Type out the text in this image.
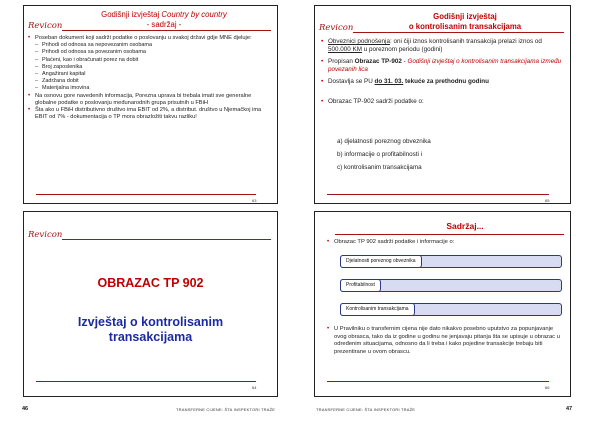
Godišnji izvještaj Country by country
- sadržaj -
Revicon
• Poseban dokument koji sadrži podatke o poslovanju u svakoj državi gdje MNE djeluje:
– Prihodi od odnosa sa nepovezanim osobama
– Prihodi od odnosa sa povezanim osobama
– Plaćeni, kao i obračunati porez na dobit
– Broj zaposlenika
– Angažirani kapital
– Zadržana dobit
– Materijalna imovina
• Na osnovu gore navedenih informacija, Porezna uprava bi trebala imati sve generalne globalne podatke o poslovanju međunarodnih grupa prisutnih u FBiH
• Šta ako u FBiH distributivno društvo ima EBIT od 2%, a distribut. društvo u Njemačkoj ima EBIT od 7% - dokumentacija o TP mora obrazložiti takvu razliku!
63
Godišnji izvještaj
o kontrolisanim transakcijama
Revicon
• Obveznici podnošenja: oni čiji iznos kontrolisanih transakcija prelazi iznos od 500.000 KM u poreznom periodu (godini)
• Propisan Obrazac TP-902 - Godišnji izvještaj o kontrolisanim transakcijama između povezanih lica
• Dostavlja se PU do 31. 03. tekuće za prethodnu godinu
• Obrazac TP-902 sadrži podatke o:
a) djelatnosti poreznog obveznika
b) informacije o profitabilnosti i
c) kontrolisanim transakcijama
65
Revicon
OBRAZAC TP 902
Izvještaj o kontrolisanim
transakcijama
64
Sadržaj...
• Obrazac TP 902 sadrži podatke i informacije o:
Djelatnosti poreznog obveznika
Profitabilnost
Kontrolisanim transakcijama
• U Pravilniku o transfernim cijena nije dato nikakvo posebno uputstvo za popunjavanje ovog obrasca, tako da iz godine u godinu ne jenjavaju pitanja šta se upisuje u obrazac u određenim situacijama, odnosno da li treba i kako pojedine transakcije trebaju biti prezentirane u ovom obrascu.
66
46	TRANSFERNE CIJENE: ŠTA INSPEKTORI TRAŽE	TRANSFERNE CIJENE: ŠTA INSPEKTORI TRAŽE	47
